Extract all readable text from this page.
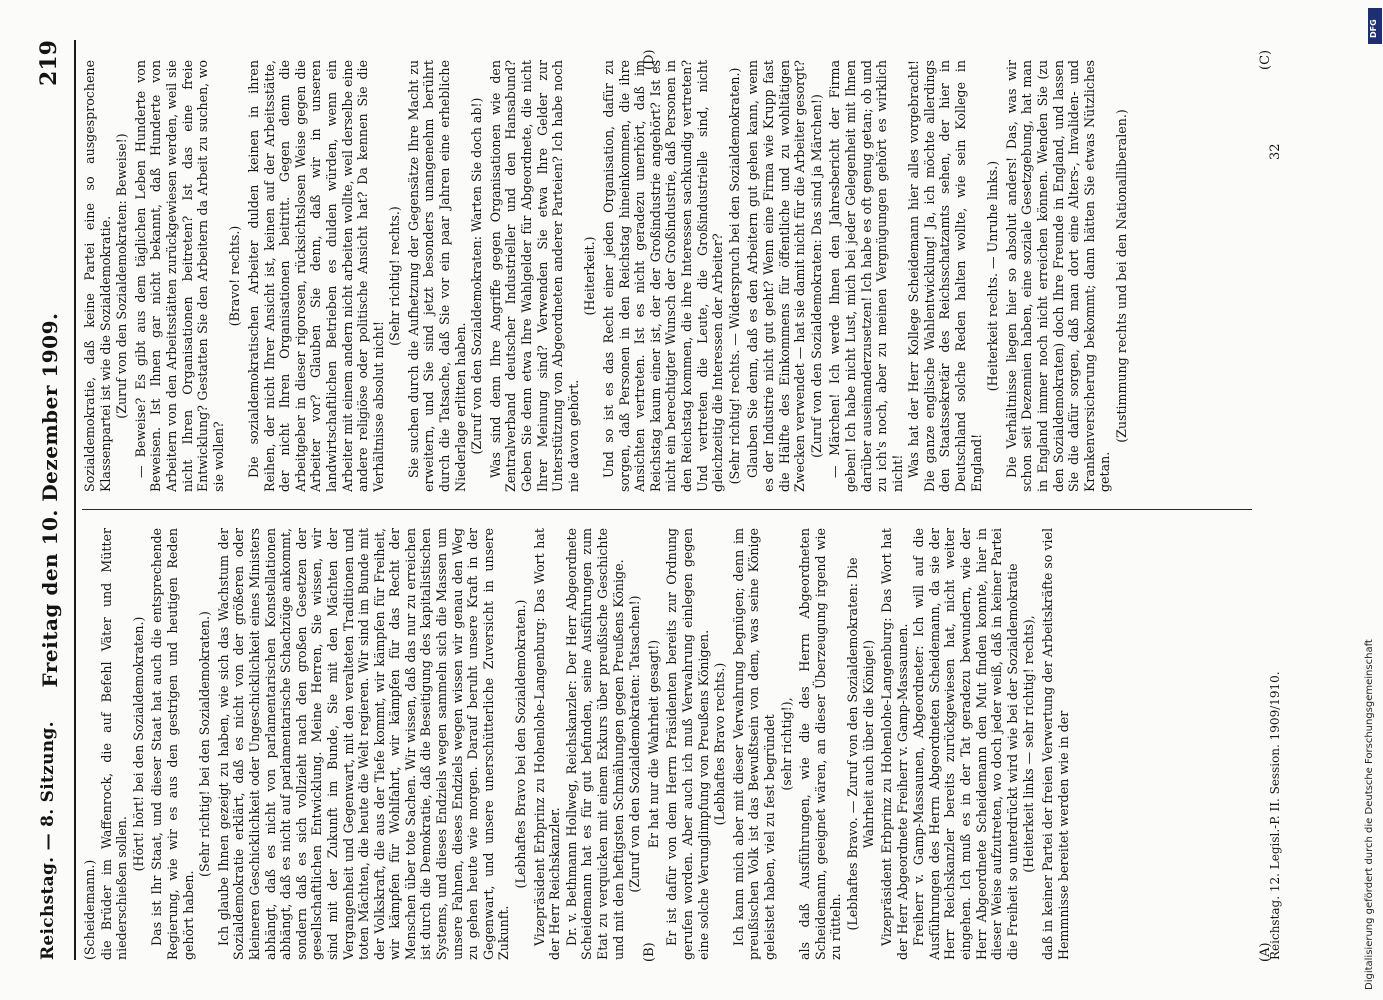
Reichstag. — 8. Sitzung.
Freitag den 10. Dezember 1909.
219

(Scheidemann.) die Brüder im Waffenrock, die auf Befehl Väter und Mütter niederschießen sollen.

(Hört! hört! bei den Sozialdemokraten.) Das ist Ihr Staat, und dieser Staat hat auch die entsprechende Regierung, wie wir es aus den gestrigen und heutigen Reden gehört haben.

(Sehr richtig! bei den Sozialdemokraten.) Ich glaube Ihnen gezeigt zu haben, wie sich das Wachstum der Sozialdemokratie erklärt, daß es nicht von der größeren oder kleineren Geschicklichkeit oder Ungeschicklichkeit eines Ministers abhängt, daß es nicht von parlamentarischen Konstellationen abhängt, daß es nicht auf parlamentarische Schachzüge ankommt, sondern daß es sich vollzieht nach den großen Gesetzen der gesellschaftlichen Entwicklung. Meine Herren, Sie wissen, wir sind mit der Zukunft im Bunde, Sie mit den Mächten der Vergangenheit und Gegenwart, mit den veralteten Traditionen und toten Mächten, die heute die Welt regieren. Wir sind im Bunde mit der Volkskraft, die aus der Tiefe kommt, wir kämpfen für Freiheit, wir kämpfen für Wohlfahrt, wir kämpfen für das Recht der Menschen über tote Sachen. Wir wissen, daß das nur zu erreichen ist durch die Demokratie, daß die Beseitigung des kapitalistischen Systems, und dieses Endziels wegen sammeln sich die Massen um unsere Fahnen, dieses Endziels wegen wissen wir genau den Weg zu gehen heute wie morgen. Darauf beruht unsere Kraft in der Gegenwart, und unsere unerschütterliche Zuversicht in unsere Zukunft.

(Lebhaftes Bravo bei den Sozialdemokraten.) Vizepräsident Erbprinz zu Hohenlohe-Langenburg: Das Wort hat der Herr Reichskanzler. Dr. v. Bethmann Hollweg, Reichskanzler: Der Herr Abgeordnete Scheidemann hat es für gut befunden, seine Ausführungen zum Etat zu verquicken mit einem Exkurs über preußische Geschichte und mit den heftigsten Schmähungen gegen Preußens Könige. (Zuruf von den Sozialdemokraten: Tatsachen!) Er hat nur die Wahrheit gesagt!) Er ist dafür von dem Herrn Präsidenten bereits zur Ordnung gerufen worden. Aber auch ich muß Verwahrung einlegen gegen eine solche Verunglimpfung von Preußens Königen. (Lebhaftes Bravo rechts.) Ich kann mich aber mit dieser Verwahrung begnügen; denn im preußischen Volk ist das Bewußtsein von dem, was seine Könige geleistet haben, viel zu fest begründet (sehr richtig!), als daß Ausführungen, wie die des Herrn Abgeordneten Scheidemann, geeignet wären, an dieser Überzeugung irgend wie zu rütteln. (Lebhaftes Bravo. — Zuruf von den Sozialdemokraten: Die Wahrheit auch über die Könige!) Vizepräsident Erbprinz zu Hohenlohe-Langenburg: Das Wort hat der Herr Abgeordnete Freiherr v. Gamp-Massaunen. Freiherr v. Gamp-Massaunen, Abgeordneter: Ich will auf die Ausführungen des Herrn Abgeordneten Scheidemann, da sie der Herr Reichskanzler bereits zurückgewiesen hat, nicht weiter eingehen. Ich muß es in der Tat geradezu bewundern, wie der Herr Abgeordnete Scheidemann den Mut finden konnte, hier in dieser Weise aufzutreten, wo doch jeder weiß, daß in keiner Partei die Freiheit so unterdrückt wird wie bei der Sozialdemokratie (Heiterkeit links — sehr richtig! rechts), daß in keiner Partei der freien Verwertung der Arbeitskräfte so viel Hemmnisse bereitet werden wie in der

Sozialdemokratie, daß keine Partei eine so ausgesprochene Klassenpartei ist wie die Sozialdemokratie. (Zuruf von den Sozialdemokraten: Beweise!) — Beweise? Es gibt aus dem täglichen Leben Hunderte von Beweisen. Ist Ihnen gar nicht bekannt, daß Hunderte von Arbeitern von den Arbeitsstätten zurückgewiesen werden, weil sie nicht Ihren Organisationen beitreten? Ist das eine freie Entwicklung? Gestatten Sie den Arbeitern da Arbeit zu suchen, wo sie wollen?

(Bravo! rechts.) Die sozialdemokratischen Arbeiter dulden keinen in ihren Reihen, der nicht Ihrer Ansicht ist, keinen auf der Arbeitsstätte, der nicht Ihren Organisationen beitritt. Gegen denn die Arbeitgeber in dieser rigorosen, rücksichtslosen Weise gegen die Arbeiter vor? Glauben Sie denn, daß wir in unseren landwirtschaftlichen Betrieben es dulden würden, wenn ein Arbeiter mit einem andern nicht arbeiten wollte, weil derselbe eine andere religiöse oder politische Ansicht hat? Da kennen Sie die Verhältnisse absolut nicht!

(Sehr richtig! rechts.) Sie suchen durch die Aufhetzung der Gegensätze Ihre Macht zu erweitern, und Sie sind jetzt besonders unangenehm berührt durch die Tatsache, daß Sie vor ein paar Jahren eine erhebliche Niederlage erlitten haben. (Zuruf von den Sozialdemokraten: Warten Sie doch ab!) Was sind denn Ihre Angriffe gegen Organisationen wie den Zentralverband deutscher Industrieller und den Hansabund? Geben Sie denn etwa Ihre Wahlgelder für Abgeordnete, die nicht Ihrer Meinung sind? Verwenden Sie etwa Ihre Gelder zur Unterstützung von Abgeordneten anderer Parteien? Ich habe noch nie davon gehört.

(Heiterkeit.) Und so ist es das Recht einer jeden Organisation, dafür zu sorgen, daß Personen in den Reichstag hineinkommen, die ihre Ansichten vertreten. Ist es nicht geradezu unerhört, daß im Reichstag kaum einer ist, der der Großindustrie angehört? Ist es nicht ein berechtigter Wunsch der Großindustrie, daß Personen in den Reichstag kommen, die ihre Interessen sachkundig vertreten? Und vertreten die Leute, die Großindustrielle sind, nicht gleichzeitig die Interessen der Arbeiter? (Sehr richtig! rechts. — Widerspruch bei den Sozialdemokraten.) Glauben Sie denn, daß es den Arbeitern gut gehen kann, wenn es der Industrie nicht gut geht? Wenn eine Firma wie Krupp fast die Hälfte des Einkommens für öffentliche und zu wohltätigen Zwecken verwendet — hat sie damit nicht für die Arbeiter gesorgt? (Zuruf von den Sozialdemokraten: Das sind ja Märchen!) — Märchen! Ich werde Ihnen den Jahresbericht der Firma geben! Ich habe nicht Lust, mich bei jeder Gelegenheit mit Ihnen darüber auseinanderzusetzen! Ich habe es oft genug getan; ob und zu ich's noch, aber zu meinen Vergnügungen gehört es wirklich nicht! Was hat der Herr Kollege Scheidemann hier alles vorgebracht! Die ganze englische Wahlentwicklung! Ja, ich möchte allerdings den Staatssekretär des Reichsschatzamts sehen, der hier in Deutschland solche Reden halten wollte, wie sein Kollege in England!

(Heiterkeit rechts. — Unruhe links.) Die Verhältnisse liegen hier so absolut anders! Das, was wir schon seit Dezennien haben, eine soziale Gesetzgebung, hat man in England immer noch nicht erreichen können. Wenden Sie (zu den Sozialdemokraten) doch Ihre Freunde in England, und lassen Sie die dafür sorgen, daß man dort eine Alters-, Invaliden- und Krankenversicherung bekommt; dann hätten Sie etwas Nützliches getan.

(Zustimmung rechts und bei den Nationalliberalen.)

(A)
(B)
(C)
(D)
Reichstag. 12. Legisl.-P. II. Session. 1909/1910.
32
Digitalisierung gefördert durch die Deutsche Forschungsgemeinschaft
DFG
